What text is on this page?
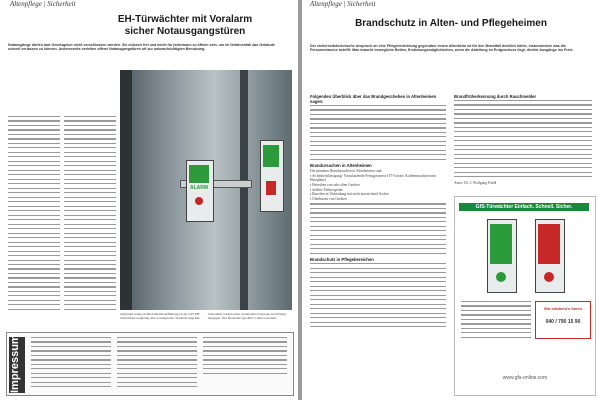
Altenpflege | Sicherheit
EH-Türwächter mit Voralarm
sicher Notausgangstüren
Notausgänge dürfen laut Gesetzgeber nicht verschlossen werden. Sie müssen frei und leicht für jedermann zu öffnen sein, um im Gefahrenfall das Gebäude schnell verlassen zu können. Andererseits verleiten offene Notausgangstüren oft zur unbeaufsichtigten Benutzung.
ALARM
Aufgrund seiner stabilen Metallausführung ist der GfS EH-Türwächter langlebig und wartungsarm. Verdeckt liegende
Schrauben wirken einer eventuellen Sabotage zuverlässig entgegen. Der Hersteller gewährt 5 Jahre Garantie.
Impressum
Altenpflege | Sicherheit
Brandschutz in Alten- und Pflegeheimen
Der sicherheitstechnische Anspruch an eine Pflegeeinrichtung gegenüber einem Altenheim ist für den Brandfall deutlich höher, insbesondere was die Personenlasche betrifft: Man braucht bewegliche Betten, Erstickungsmöglichkeiten, wenn die Abteilung im Erdgeschoss liegt, direkte Ausgänge ins Freie.
Folgenden Überblick über das Brandgeschehen in Altenheimen sagen:
Brandursachen in Altenheimen
Die primären Brandursachen in Altenheimen sind:
▪ Sicherheitslässigung/ Vorzulaufende Fertigprozesse (TV-Geräte, Kaffeemaschinen mit Heizplatte)
▪ Betreiben von sehr alten Geräten
▪ defekte Elektrogeräte
▪ Rauchen in Verbindung mit nicht ausreichend Ascher
▪ Überhitzen von Geräten
Brandschutz in Pflegebereichen
Brandfrüherkennung durch Rauchmelder
Autor: Dr. J. Wolfgang Friedl
GfS-Türwächter Einfach. Schnell. Sicher.
Wir erklären's Ihnen
040 / 790 15 90
www.gfs-online.com
